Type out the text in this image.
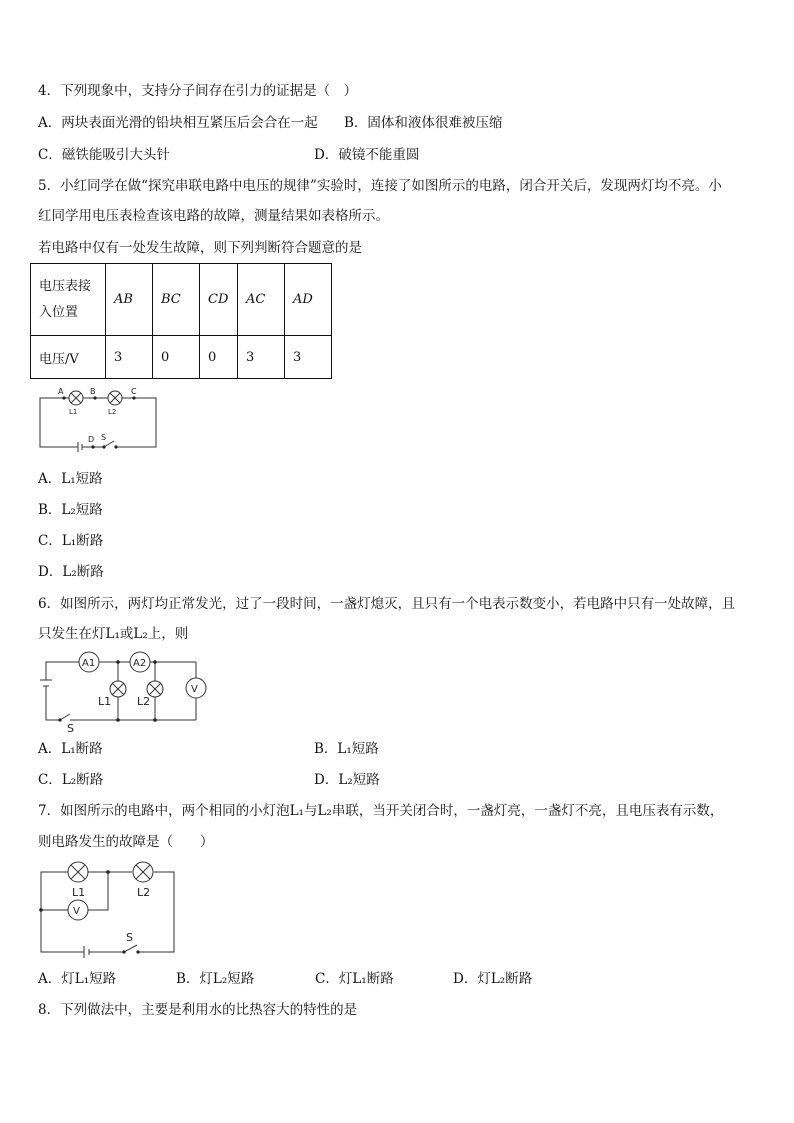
4．下列现象中，支持分子间存在引力的证据是（　）
A．两块表面光滑的铅块相互紧压后会合在一起 B．固体和液体很难被压缩
C．磁铁能吸引大头针	D．破镜不能重圆
5．小红同学在做“探究串联电路中电压的规律”实验时，连接了如图所示的电路，闭合开关后，发现两灯均不亮。小
红同学用电压表检查该电路的故障，测量结果如表格所示。
若电路中仅有一处发生故障，则下列判断符合题意的是
电压表接
入位置	AB	BC	CD	AC	AD
电压/V	3	0	0	3	3
A	B	C
D S
L1	L2
A．L₁短路
B．L₂短路
C．L₁断路
D．L₂断路
6．如图所示，两灯均正常发光，过了一段时间，一盏灯熄灭，且只有一个电表示数变小，若电路中只有一处故障，且
只发生在灯L₁或L₂上，则
A1	A2
V
L1 L2
S
A．L₁断路	B．L₁短路
C．L₂断路	D．L₂短路
7．如图所示的电路中，两个相同的小灯泡L₁与L₂串联，当开关闭合时，一盏灯亮，一盏灯不亮，且电压表有示数，
则电路发生的故障是（　　）
L1	L2
V
S
A．灯L₁短路	B．灯L₂短路	C．灯L₁断路	D．灯L₂断路
8．下列做法中，主要是利用水的比热容大的特性的是
